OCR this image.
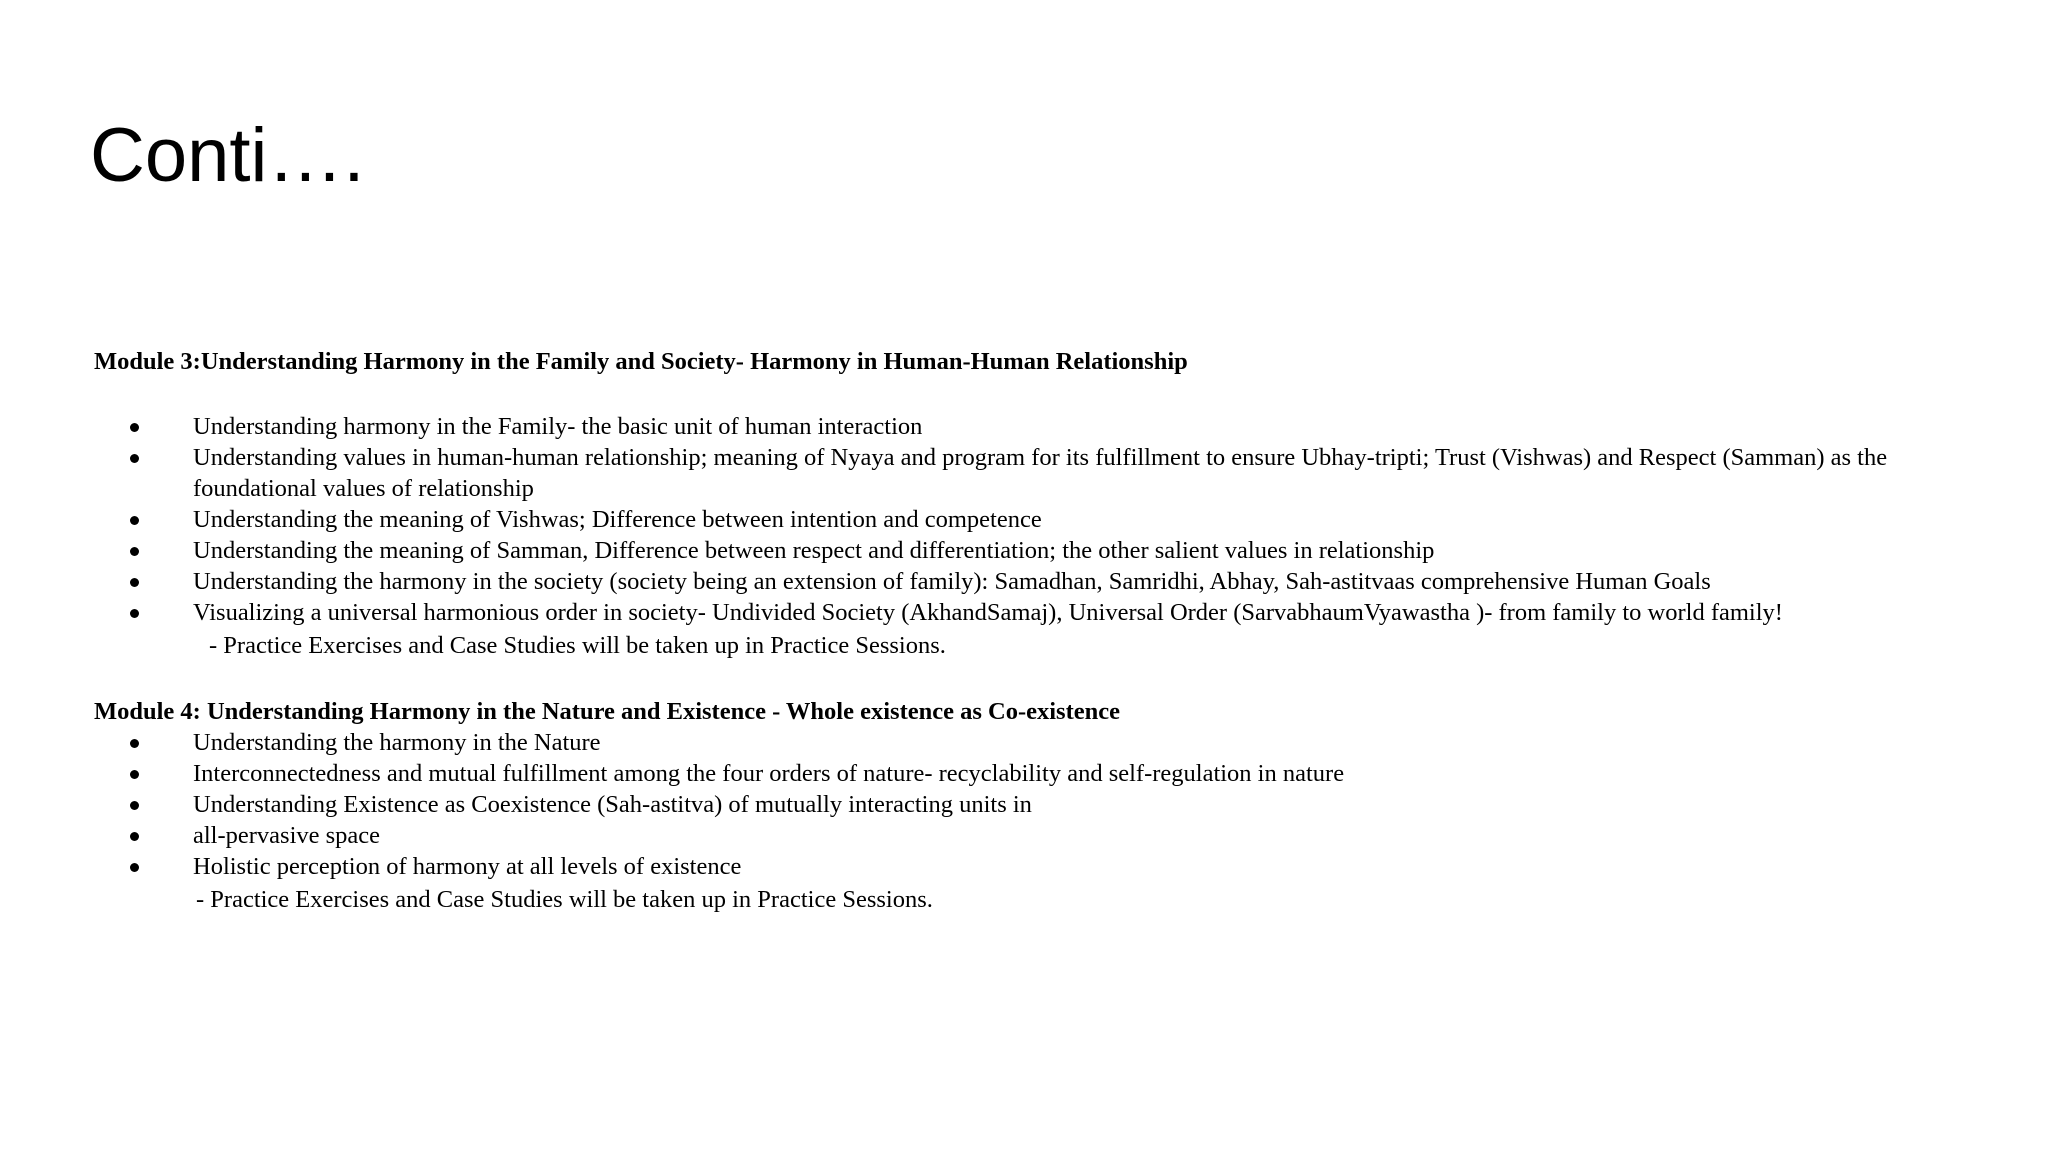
Conti….

Module 3:Understanding Harmony in the Family and Society- Harmony in Human-Human Relationship

Understanding harmony in the Family- the basic unit of human interaction
Understanding values in human-human relationship; meaning of Nyaya and program for its fulfillment to ensure Ubhay-tripti; Trust (Vishwas) and Respect (Samman) as the foundational values of relationship
Understanding the meaning of Vishwas; Difference between intention and competence
Understanding the meaning of Samman, Difference between respect and differentiation; the other salient values in relationship
Understanding the harmony in the society (society being an extension of family): Samadhan, Samridhi, Abhay, Sah-astitvaas comprehensive Human Goals
Visualizing a universal harmonious order in society- Undivided Society (AkhandSamaj), Universal Order (SarvabhaumVyawastha )- from family to world family!

- Practice Exercises and Case Studies will be taken up in Practice Sessions.

Module 4: Understanding Harmony in the Nature and Existence - Whole existence as Co-existence

Understanding the harmony in the Nature
Interconnectedness and mutual fulfillment among the four orders of nature- recyclability and self-regulation in nature
Understanding Existence as Coexistence (Sah-astitva) of mutually interacting units in
all-pervasive space
Holistic perception of harmony at all levels of existence

- Practice Exercises and Case Studies will be taken up in Practice Sessions.
